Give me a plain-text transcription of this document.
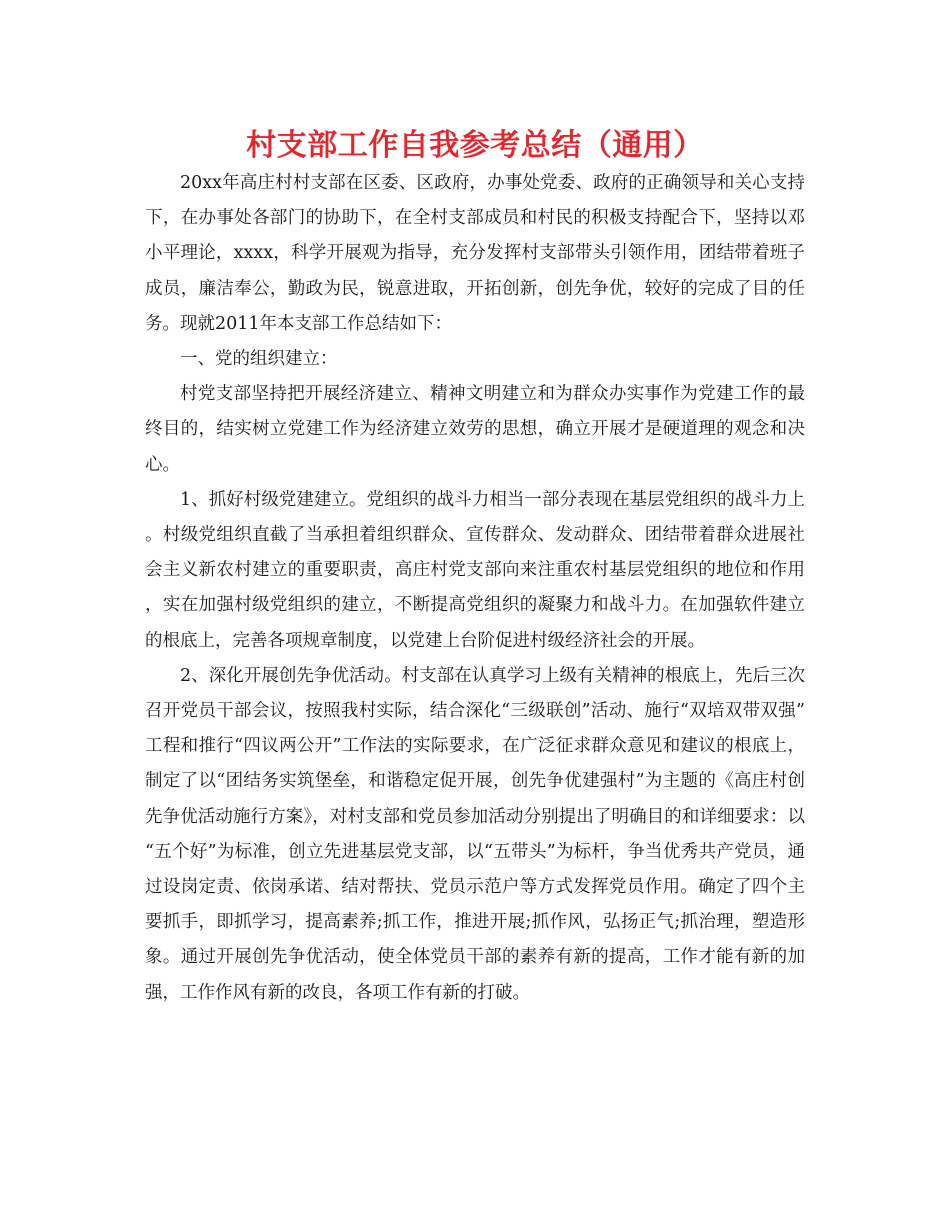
村支部工作自我参考总结（通用）

20xx年高庄村村支部在区委、区政府，办事处党委、政府的正确领导和关心支持下，在办事处各部门的协助下，在全村支部成员和村民的积极支持配合下，坚持以邓小平理论，xxxx，科学开展观为指导，充分发挥村支部带头引领作用，团结带着班子成员，廉洁奉公，勤政为民，锐意进取，开拓创新，创先争优，较好的完成了目的任务。现就2011年本支部工作总结如下：

一、党的组织建立：

村党支部坚持把开展经济建立、精神文明建立和为群众办实事作为党建工作的最终目的，结实树立党建工作为经济建立效劳的思想，确立开展才是硬道理的观念和决心。

1、抓好村级党建建立。党组织的战斗力相当一部分表现在基层党组织的战斗力上。村级党组织直截了当承担着组织群众、宣传群众、发动群众、团结带着群众进展社会主义新农村建立的重要职责，高庄村党支部向来注重农村基层党组织的地位和作用，实在加强村级党组织的建立，不断提高党组织的凝聚力和战斗力。在加强软件建立的根底上，完善各项规章制度，以党建上台阶促进村级经济社会的开展。

2、深化开展创先争优活动。村支部在认真学习上级有关精神的根底上，先后三次召开党员干部会议，按照我村实际，结合深化“三级联创”活动、施行“双培双带双强”工程和推行“四议两公开”工作法的实际要求，在广泛征求群众意见和建议的根底上，制定了以“团结务实筑堡垒，和谐稳定促开展，创先争优建强村”为主题的《高庄村创先争优活动施行方案》，对村支部和党员参加活动分别提出了明确目的和详细要求：以“五个好”为标准，创立先进基层党支部，以“五带头”为标杆，争当优秀共产党员，通过设岗定责、依岗承诺、结对帮扶、党员示范户等方式发挥党员作用。确定了四个主要抓手，即抓学习，提高素养;抓工作，推进开展;抓作风，弘扬正气;抓治理，塑造形象。通过开展创先争优活动，使全体党员干部的素养有新的提高，工作才能有新的加强，工作作风有新的改良，各项工作有新的打破。
